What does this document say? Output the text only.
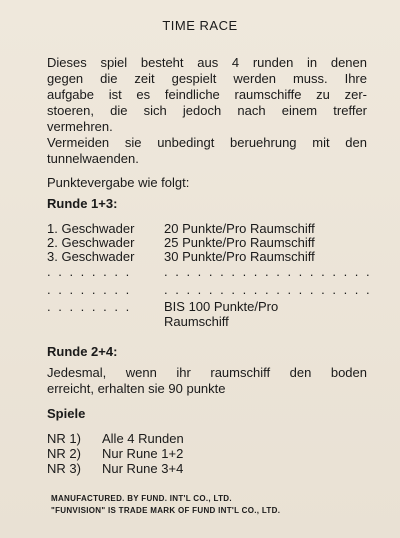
TIME RACE
Dieses spiel besteht aus 4 runden in denen
gegen die zeit gespielt werden muss. Ihre
aufgabe ist es feindliche raumschiffe zu zer-
stoeren, die sich jedoch nach einem treffer
vermehren.
Vermeiden sie unbedingt beruehrung mit den
tunnelwaenden.
Punktevergabe wie folgt:
Runde 1+3:
1. Geschwader 20 Punkte/Pro Raumschiff
2. Geschwader 25 Punkte/Pro Raumschiff
3. Geschwader 30 Punkte/Pro Raumschiff
. . . . . . . .	. . . . . . . . . . . . . . . . . . .
. . . . . . . .	. . . . . . . . . . . . . . . . . . .
. . . . . . . .	BIS 100 Punkte/Pro
Raumschiff
Runde 2+4:
Jedesmal, wenn ihr raumschiff den boden
erreicht, erhalten sie 90 punkte
Spiele
NR 1) Alle 4 Runden
NR 2) Nur Rune 1+2
NR 3) Nur Rune 3+4
MANUFACTURED. BY FUND. INT'L CO., LTD.
"FUNVISION" IS TRADE MARK OF FUND INT'L CO., LTD.
